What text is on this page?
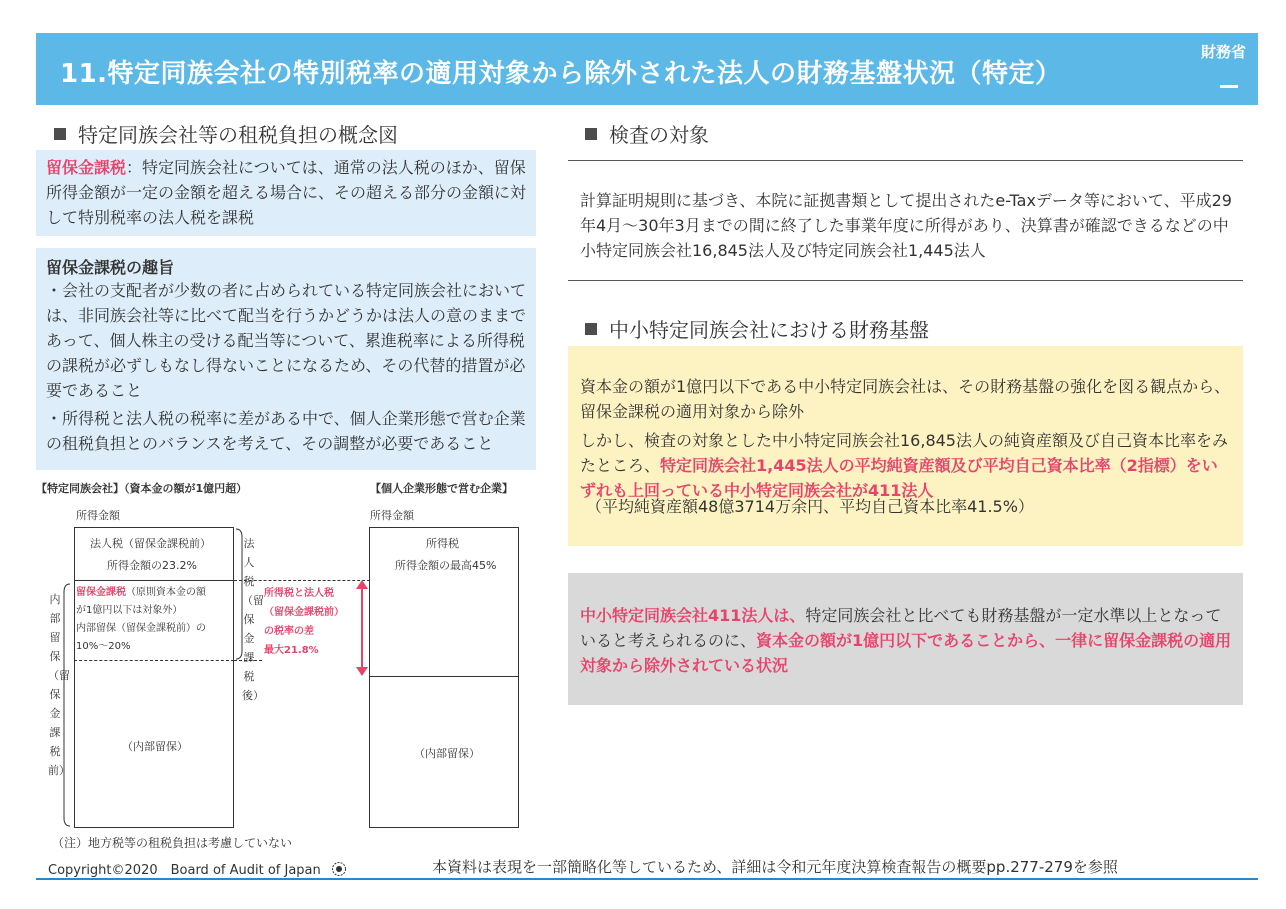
11.特定同族会社の特別税率の適用対象から除外された法人の財務基盤状況（特定）
財務省
特定同族会社等の租税負担の概念図
留保金課税：特定同族会社については、通常の法人税のほか、留保所得金額が一定の金額を超える場合に、その超える部分の金額に対して特別税率の法人税を課税
留保金課税の趣旨
・会社の支配者が少数の者に占められている特定同族会社においては、非同族会社等に比べて配当を行うかどうかは法人の意のままであって、個人株主の受ける配当等について、累進税率による所得税の課税が必ずしもなし得ないことになるため、その代替的措置が必要であること
・所得税と法人税の税率に差がある中で、個人企業形態で営む企業の租税負担とのバランスを考えて、その調整が必要であること
【特定同族会社】（資本金の額が1億円超）	【個人企業形態で営む企業】
所得金額	所得金額
法人税（留保金課税前）
所得金額の23.2%
留保金課税（原則資本金の額
が1億円以下は対象外）
内部留保（留保金課税前）の
10%～20%
（内部留保）
内部留保（留保金課税前）
法人税（留保金課税後）
所得税と法人税
（留保金課税前）
の税率の差
最大21.8%
所得税
所得金額の最高45%
（内部留保）
（注）地方税等の租税負担は考慮していない
検査の対象
計算証明規則に基づき、本院に証拠書類として提出されたe-Taxデータ等において、平成29年4月～30年3月までの間に終了した事業年度に所得があり、決算書が確認できるなどの中小特定同族会社16,845法人及び特定同族会社1,445法人
中小特定同族会社における財務基盤
資本金の額が1億円以下である中小特定同族会社は、その財務基盤の強化を図る観点から、留保金課税の適用対象から除外
しかし、検査の対象とした中小特定同族会社16,845法人の純資産額及び自己資本比率をみたところ、特定同族会社1,445法人の平均純資産額及び平均自己資本比率（2指標）をいずれも上回っている中小特定同族会社が411法人
（平均純資産額48億3714万余円、平均自己資本比率41.5%）
中小特定同族会社411法人は、特定同族会社と比べても財務基盤が一定水準以上となっていると考えられるのに、資本金の額が1億円以下であることから、一律に留保金課税の適用対象から除外されている状況
Copyright©2020　Board of Audit of Japan	本資料は表現を一部簡略化等しているため、詳細は令和元年度決算検査報告の概要pp.277-279を参照
